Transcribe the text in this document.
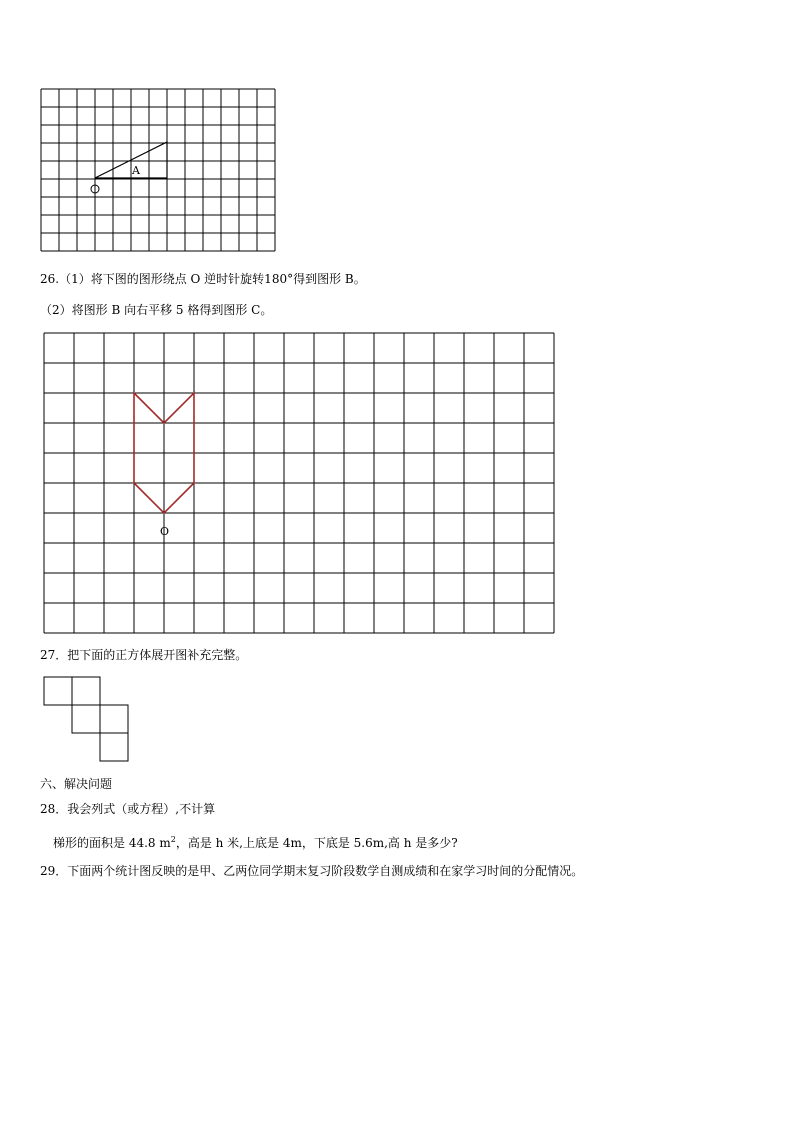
A
26.（1）将下图的图形绕点 O 逆时针旋转180°得到图形 B。
（2）将图形 B 向右平移 5 格得到图形 C。
O
27．把下面的正方体展开图补充完整。
六、解决问题
28．我会列式（或方程）,不计算
梯形的面积是 44.8 $m^2$，高是 h 米,上底是 4m，下底是 5.6m,高 h 是多少?
29．下面两个统计图反映的是甲、乙两位同学期末复习阶段数学自测成绩和在家学习时间的分配情况。
